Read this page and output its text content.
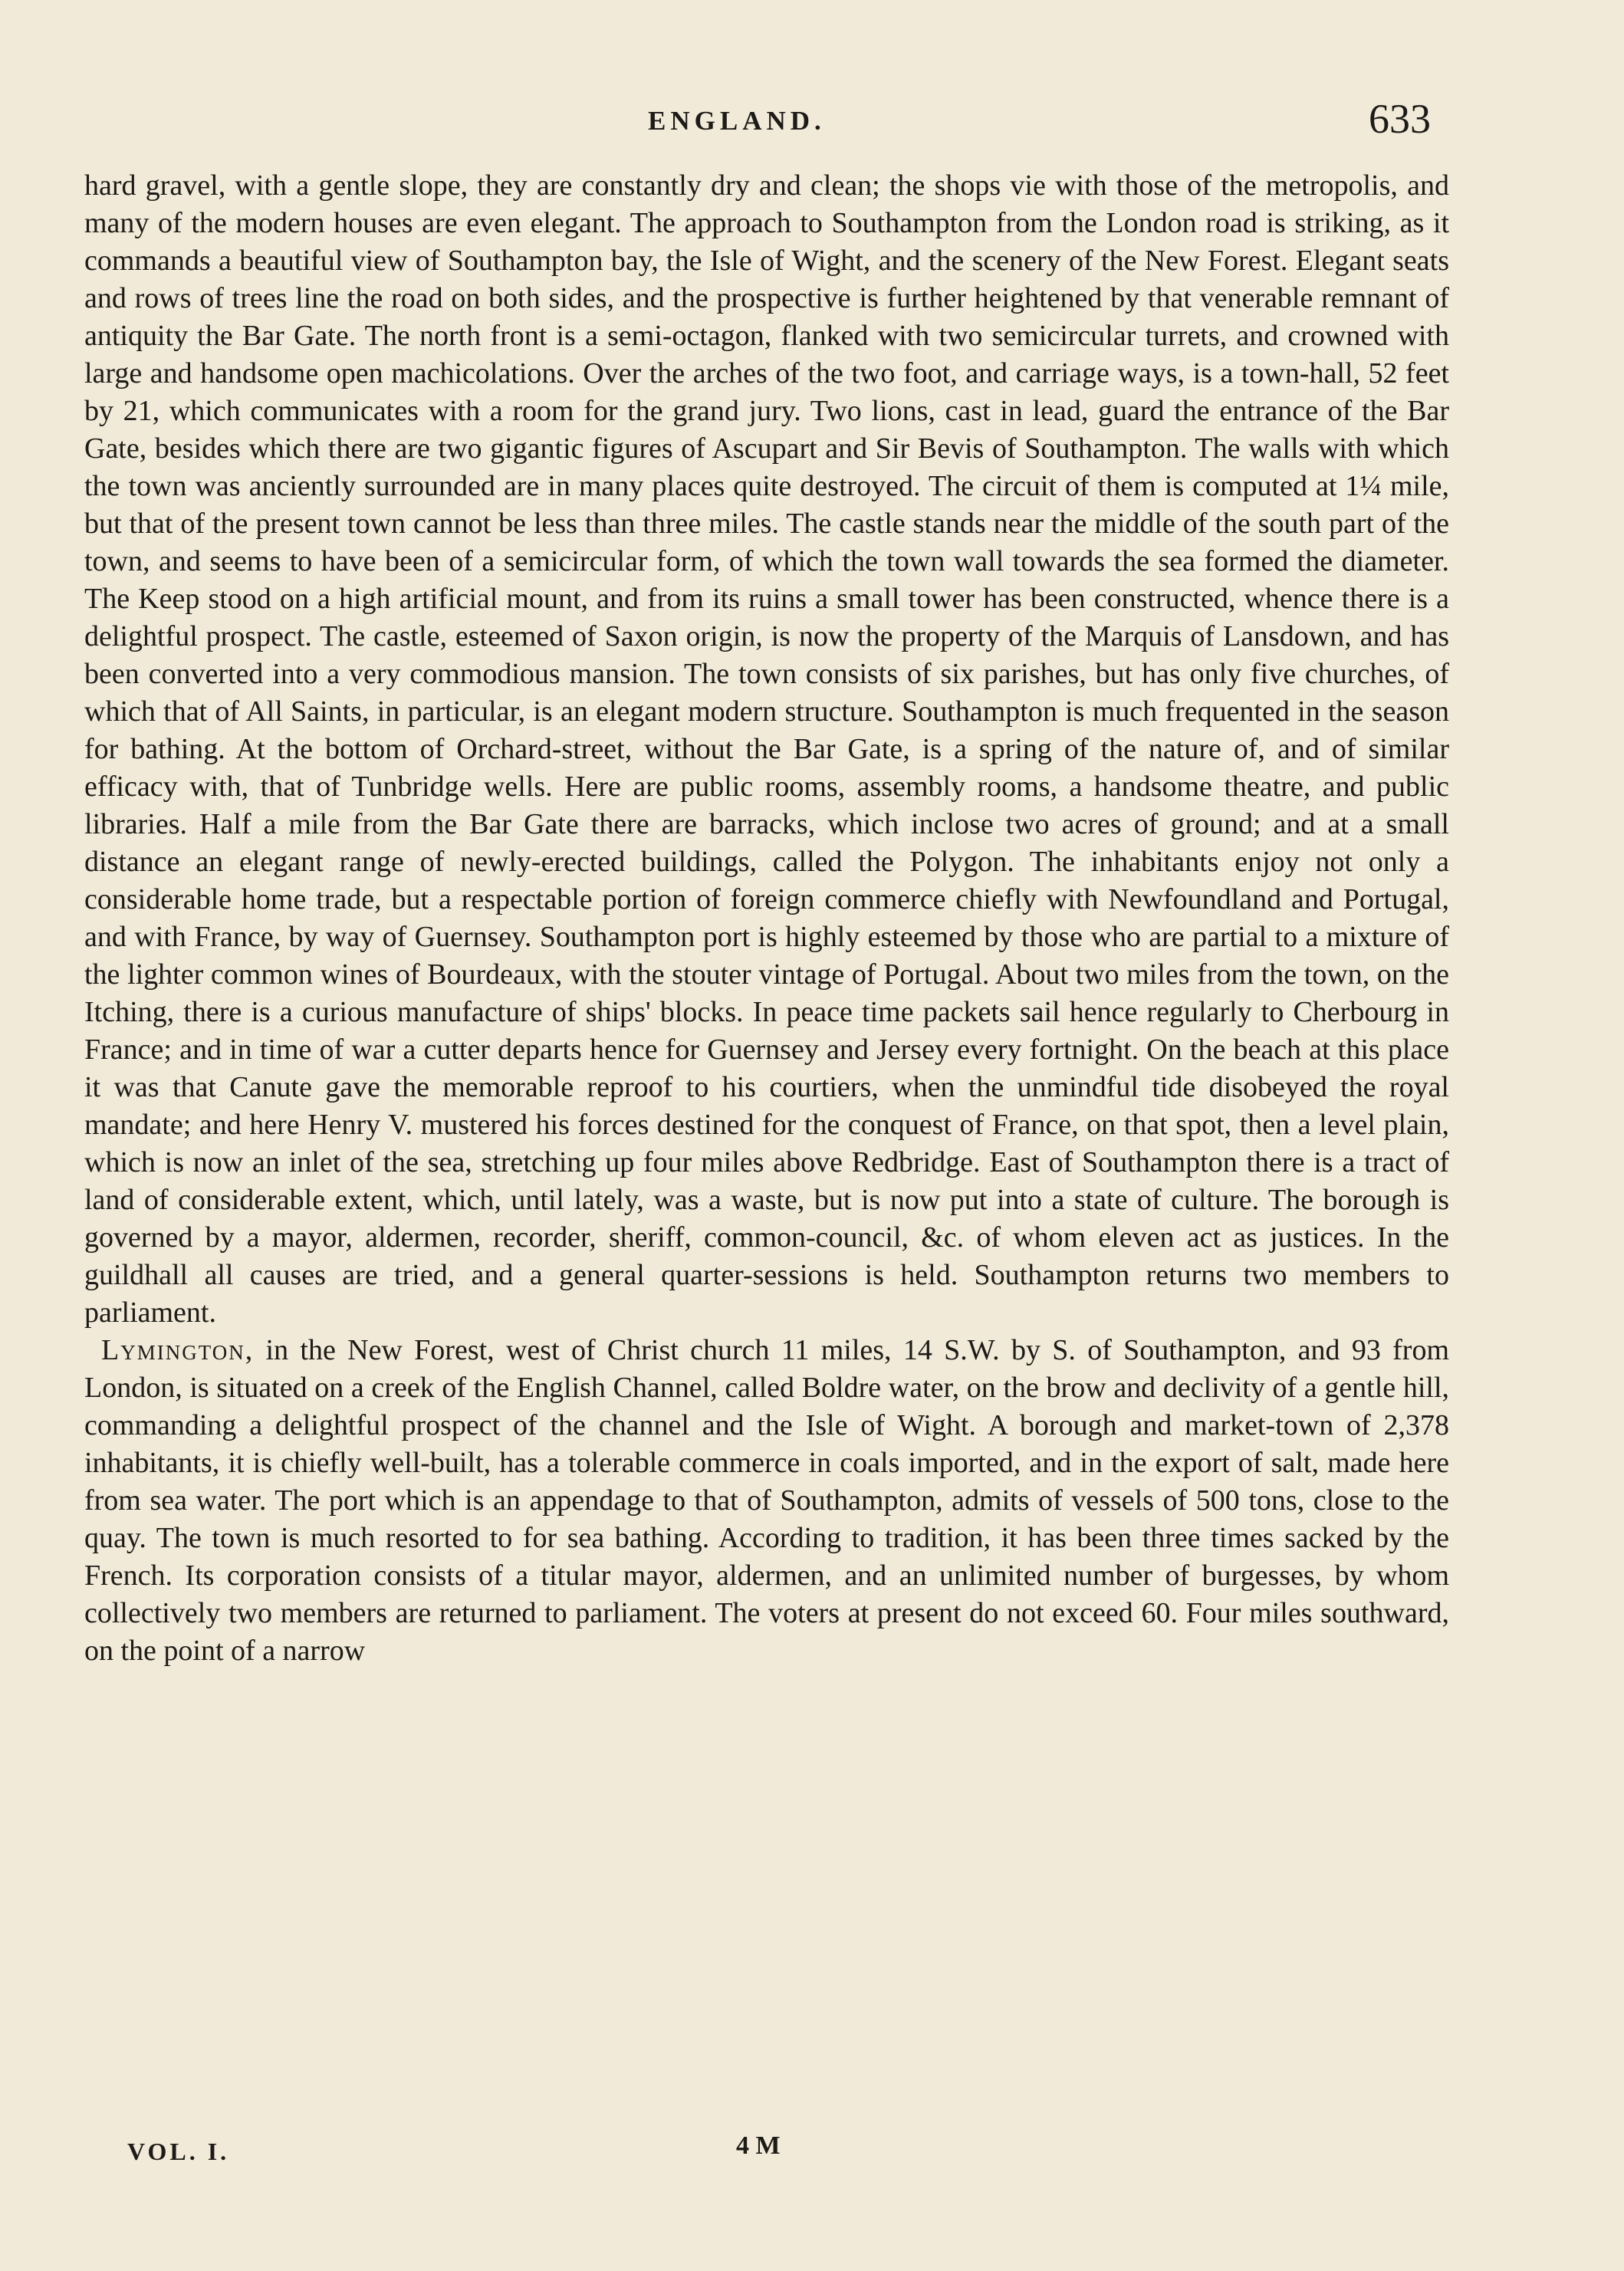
ENGLAND.	633

hard gravel, with a gentle slope, they are constantly dry and clean; the shops vie with those of the metropolis, and many of the modern houses are even elegant. The approach to Southampton from the London road is striking, as it commands a beautiful view of Southampton bay, the Isle of Wight, and the scenery of the New Forest. Elegant seats and rows of trees line the road on both sides, and the prospective is further heightened by that venerable remnant of antiquity the Bar Gate. The north front is a semi-octagon, flanked with two semicircular turrets, and crowned with large and handsome open machicolations. Over the arches of the two foot, and carriage ways, is a town-hall, 52 feet by 21, which communicates with a room for the grand jury. Two lions, cast in lead, guard the entrance of the Bar Gate, besides which there are two gigantic figures of Ascupart and Sir Bevis of Southampton. The walls with which the town was anciently surrounded are in many places quite destroyed. The circuit of them is computed at 1¼ mile, but that of the present town cannot be less than three miles. The castle stands near the middle of the south part of the town, and seems to have been of a semicircular form, of which the town wall towards the sea formed the diameter. The Keep stood on a high artificial mount, and from its ruins a small tower has been constructed, whence there is a delightful prospect. The castle, esteemed of Saxon origin, is now the property of the Marquis of Lansdown, and has been converted into a very commodious mansion. The town consists of six parishes, but has only five churches, of which that of All Saints, in particular, is an elegant modern structure. Southampton is much frequented in the season for bathing. At the bottom of Orchard-street, without the Bar Gate, is a spring of the nature of, and of similar efficacy with, that of Tunbridge wells. Here are public rooms, assembly rooms, a handsome theatre, and public libraries. Half a mile from the Bar Gate there are barracks, which inclose two acres of ground; and at a small distance an elegant range of newly-erected buildings, called the Polygon. The inhabitants enjoy not only a considerable home trade, but a respectable portion of foreign commerce chiefly with Newfoundland and Portugal, and with France, by way of Guernsey. Southampton port is highly esteemed by those who are partial to a mixture of the lighter common wines of Bourdeaux, with the stouter vintage of Portugal. About two miles from the town, on the Itching, there is a curious manufacture of ships' blocks. In peace time packets sail hence regularly to Cherbourg in France; and in time of war a cutter departs hence for Guernsey and Jersey every fortnight. On the beach at this place it was that Canute gave the memorable reproof to his courtiers, when the unmindful tide disobeyed the royal mandate; and here Henry V. mustered his forces destined for the conquest of France, on that spot, then a level plain, which is now an inlet of the sea, stretching up four miles above Redbridge. East of Southampton there is a tract of land of considerable extent, which, until lately, was a waste, but is now put into a state of culture. The borough is governed by a mayor, aldermen, recorder, sheriff, common-council, &c. of whom eleven act as justices. In the guildhall all causes are tried, and a general quarter-sessions is held. Southampton returns two members to parliament.

Lymington, in the New Forest, west of Christ church 11 miles, 14 S.W. by S. of Southampton, and 93 from London, is situated on a creek of the English Channel, called Boldre water, on the brow and declivity of a gentle hill, commanding a delightful prospect of the channel and the Isle of Wight. A borough and market-town of 2,378 inhabitants, it is chiefly well-built, has a tolerable commerce in coals imported, and in the export of salt, made here from sea water. The port which is an appendage to that of Southampton, admits of vessels of 500 tons, close to the quay. The town is much resorted to for sea bathing. According to tradition, it has been three times sacked by the French. Its corporation consists of a titular mayor, aldermen, and an unlimited number of burgesses, by whom collectively two members are returned to parliament. The voters at present do not exceed 60. Four miles southward, on the point of a narrow

VOL. I.	4 M
